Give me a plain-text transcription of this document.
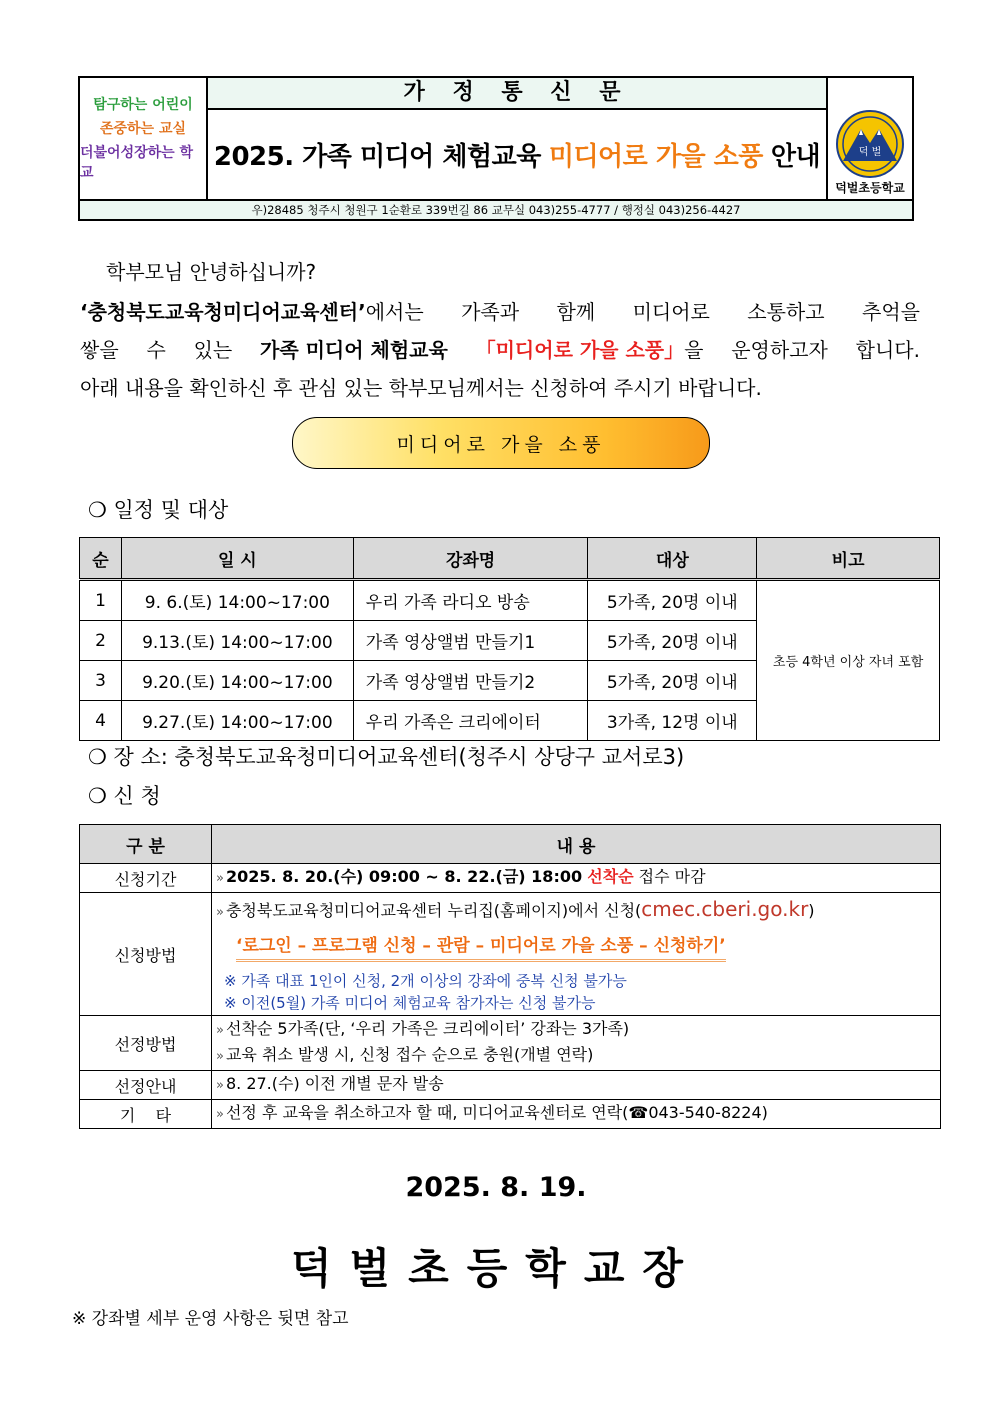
탐구하는 어린이
존중하는 교실
더불어성장하는 학교
가 정 통 신 문
2025. 가족 미디어 체험교육 미디어로 가을 소풍 안내	덕 벌
덕벌초등학교
우)28485 청주시 청원구 1순환로 339번길 86 교무실 043)255-4777 / 행정실 043)256-4427
학부모님 안녕하십니까?
‘충청북도교육청미디어교육센터’에서는 가족과 함께 미디어로 소통하고 추억을
쌓을 수 있는 가족 미디어 체험교육 「미디어로 가을 소풍」을 운영하고자 합니다.
아래 내용을 확인하신 후 관심 있는 학부모님께서는 신청하여 주시기 바랍니다.
미디어로 가을 소풍
❍ 일정 및 대상
순	일 시	강좌명	대상	비고
1	9. 6.(토) 14:00~17:00	우리 가족 라디오 방송	5가족, 20명 이내	초등 4학년 이상 자녀 포함
2	9.13.(토) 14:00~17:00	가족 영상앨범 만들기1	5가족, 20명 이내	
3	9.20.(토) 14:00~17:00	가족 영상앨범 만들기2	5가족, 20명 이내	
4	9.27.(토) 14:00~17:00	우리 가족은 크리에이터	3가족, 12명 이내	
❍ 장 소: 충청북도교육청미디어교육센터(청주시 상당구 교서로3)
❍ 신 청
구 분	내 용
신청기간	» 2025. 8. 20.(수) 09:00 ~ 8. 22.(금) 18:00 선착순 접수 마감

신청방법	» 충청북도교육청미디어교육센터 누리집(홈페이지)에서 신청(cmec.cberi.go.kr)
‘로그인 – 프로그램 신청 – 관람 – 미디어로 가을 소풍 – 신청하기’
※ 가족 대표 1인이 신청, 2개 이상의 강좌에 중복 신청 불가능
※ 이전(5월) 가족 미디어 체험교육 참가자는 신청 불가능

선정방법	» 선착순 5가족(단, ‘우리 가족은 크리에이터’ 강좌는 3가족)
» 교육 취소 발생 시, 신청 접수 순으로 충원(개별 연락)

선정안내	» 8. 27.(수) 이전 개별 문자 발송

기    타	» 선정 후 교육을 취소하고자 할 때, 미디어교육센터로 연락(☎043-540-8224)
2025. 8. 19.
덕벌초등학교장
※ 강좌별 세부 운영 사항은 뒷면 참고
